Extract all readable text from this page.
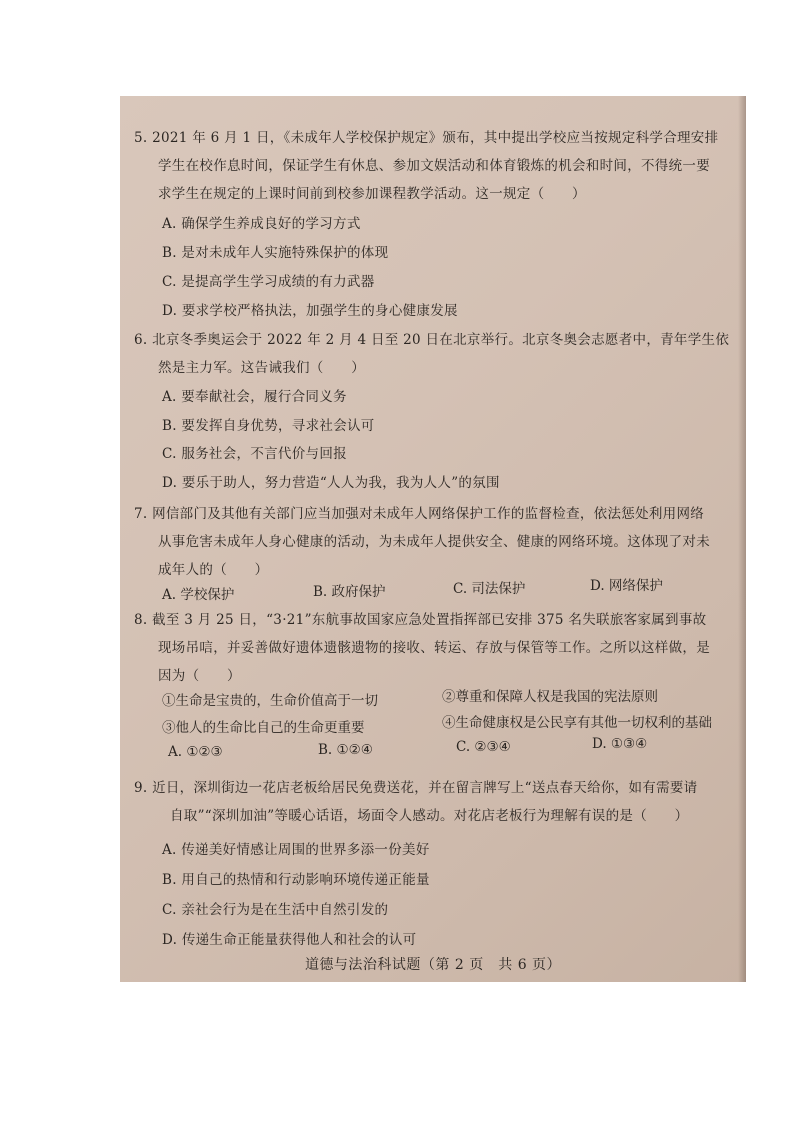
5. 2021 年 6 月 1 日，《未成年人学校保护规定》颁布，其中提出学校应当按规定科学合理安排
学生在校作息时间，保证学生有休息、参加文娱活动和体育锻炼的机会和时间，不得统一要
求学生在规定的上课时间前到校参加课程教学活动。这一规定（　　）
A. 确保学生养成良好的学习方式
B. 是对未成年人实施特殊保护的体现
C. 是提高学生学习成绩的有力武器
D. 要求学校严格执法，加强学生的身心健康发展
6. 北京冬季奥运会于 2022 年 2 月 4 日至 20 日在北京举行。北京冬奥会志愿者中，青年学生依
然是主力军。这告诫我们（　　）
A. 要奉献社会，履行合同义务
B. 要发挥自身优势，寻求社会认可
C. 服务社会，不言代价与回报
D. 要乐于助人，努力营造“人人为我，我为人人”的氛围
7. 网信部门及其他有关部门应当加强对未成年人网络保护工作的监督检查，依法惩处利用网络
从事危害未成年人身心健康的活动，为未成年人提供安全、健康的网络环境。这体现了对未
成年人的（　　）
A. 学校保护	B. 政府保护	C. 司法保护	D. 网络保护
8. 截至 3 月 25 日，“3·21”东航事故国家应急处置指挥部已安排 375 名失联旅客家属到事故
现场吊唁，并妥善做好遗体遗骸遗物的接收、转运、存放与保管等工作。之所以这样做，是
因为（　　）
①生命是宝贵的，生命价值高于一切	②尊重和保障人权是我国的宪法原则
③他人的生命比自己的生命更重要	④生命健康权是公民享有其他一切权利的基础
A. ①②③	B. ①②④	C. ②③④	D. ①③④
9. 近日，深圳街边一花店老板给居民免费送花，并在留言牌写上“送点春天给你，如有需要请
自取”“深圳加油”等暖心话语，场面令人感动。对花店老板行为理解有误的是（　　）
A. 传递美好情感让周围的世界多添一份美好
B. 用自己的热情和行动影响环境传递正能量
C. 亲社会行为是在生活中自然引发的
D. 传递生命正能量获得他人和社会的认可
道德与法治科试题（第 2 页　共 6 页）
